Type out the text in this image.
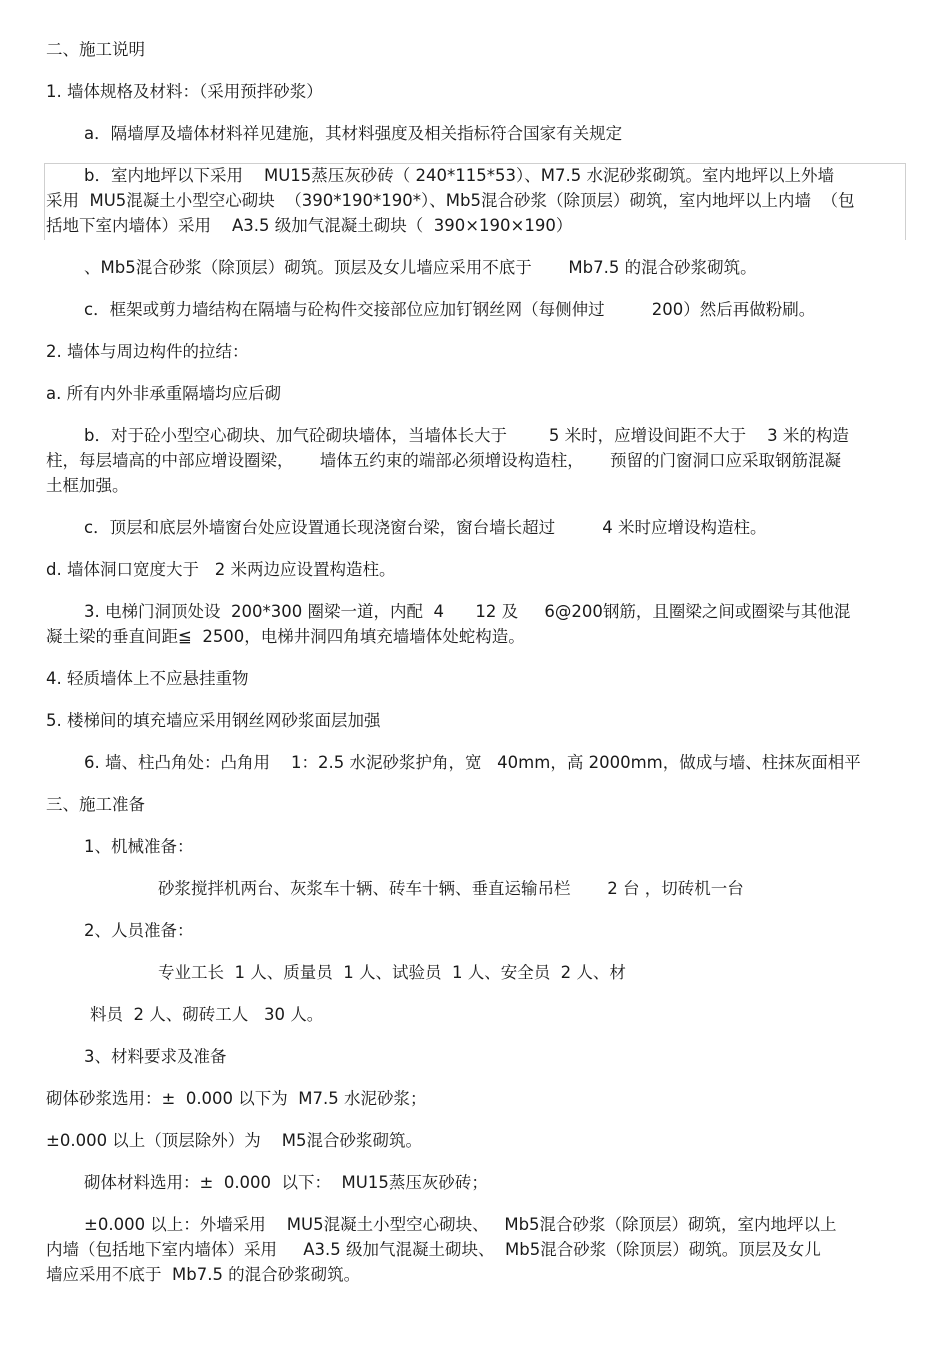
二、施工说明
1. 墙体规格及材料：（采用预拌砂浆）
a．隔墙厚及墙体材料祥见建施，其材料强度及相关指标符合国家有关规定
b．室内地坪以下采用    MU15蒸压灰砂砖（ 240*115*53）、M7.5 水泥砂浆砌筑。室内地坪以上外墙
采用  MU5混凝土小型空心砌块  （390*190*190*）、Mb5混合砂浆（除顶层）砌筑，室内地坪以上内墙  （包
括地下室内墙体）采用    A3.5 级加气混凝土砌块（  390×190×190）
、Mb5混合砂浆（除顶层）砌筑。顶层及女儿墙应采用不底于       Mb7.5 的混合砂浆砌筑。
c．框架或剪力墙结构在隔墙与砼构件交接部位应加钉钢丝网（每侧伸过         200）然后再做粉刷。
2. 墙体与周边构件的拉结：
a. 所有内外非承重隔墙均应后砌
b．对于砼小型空心砌块、加气砼砌块墙体，当墙体长大于        5 米时，应增设间距不大于    3 米的构造
柱，每层墙高的中部应增设圈梁，     墙体五约束的端部必须增设构造柱，     预留的门窗洞口应采取钢筋混凝
土框加强。
c．顶层和底层外墙窗台处应设置通长现浇窗台梁，窗台墙长超过         4 米时应增设构造柱。
d. 墙体洞口宽度大于   2 米两边应设置构造柱。
3. 电梯门洞顶处设  200*300 圈梁一道，内配  4      12 及     6@200钢筋，且圈梁之间或圈梁与其他混
凝土梁的垂直间距≦  2500，电梯井洞四角填充墙墙体处蛇构造。
4. 轻质墙体上不应悬挂重物
5. 楼梯间的填充墙应采用钢丝网砂浆面层加强
6. 墙、柱凸角处：凸角用    1：2.5 水泥砂浆护角，宽   40mm，高 2000mm，做成与墙、柱抹灰面相平
三、施工准备
1、机械准备：
砂浆搅拌机两台、灰浆车十辆、砖车十辆、垂直运输吊栏       2 台 ，切砖机一台
2、人员准备：
专业工长  1 人、质量员  1 人、试验员  1 人、安全员  2 人、材
料员  2 人、砌砖工人   30 人。
3、材料要求及准备
砌体砂浆选用：±  0.000 以下为  M7.5 水泥砂浆；
±0.000 以上（顶层除外）为    M5混合砂浆砌筑。
砌体材料选用：±  0.000  以下：  MU15蒸压灰砂砖；
±0.000 以上：外墙采用    MU5混凝土小型空心砌块、   Mb5混合砂浆（除顶层）砌筑，室内地坪以上
内墙（包括地下室内墙体）采用     A3.5 级加气混凝土砌块、  Mb5混合砂浆（除顶层）砌筑。顶层及女儿
墙应采用不底于  Mb7.5 的混合砂浆砌筑。
